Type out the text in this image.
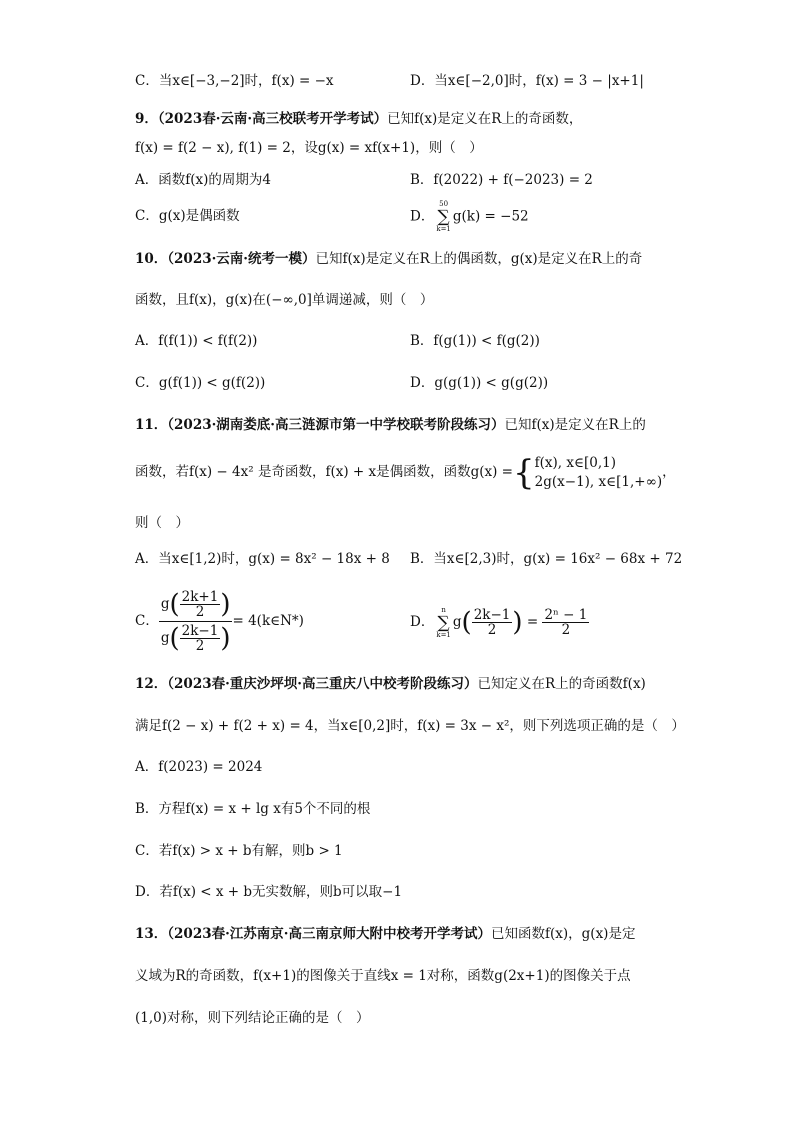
C．当x∈[−3,−2]时，f(x) = −x	D．当x∈[−2,0]时，f(x) = 3 − |x+1|
9．（2023春·云南·高三校联考开学考试）已知f(x)是定义在R上的奇函数，
f(x) = f(2 − x), f(1) = 2，设g(x) = xf(x+1)，则（　）
A．函数f(x)的周期为4	B．f(2022) + f(−2023) = 2
C．g(x)是偶函数	D．
50
∑
k=1
g(k) = −52
10．（2023·云南·统考一模）已知f(x)是定义在R上的偶函数，g(x)是定义在R上的奇
函数，且f(x)，g(x)在(−∞,0]单调递减，则（　）
A．f(f(1)) < f(f(2))	B．f(g(1)) < f(g(2))
C．g(f(1)) < g(f(2))	D．g(g(1)) < g(g(2))
11．（2023·湖南娄底·高三涟源市第一中学校联考阶段练习）已知f(x)是定义在R上的
函数，若f(x) − 4x² 是奇函数，f(x) + x是偶函数，函数g(x) ={ f(x), x∈[0,1)
2g(x−1), x∈[1,+∞)
，
则（　）
A．当x∈[1,2)时，g(x) = 8x² − 18x + 8 B．当x∈[2,3)时，g(x) = 16x² − 68x + 72
C． $\frac{g( \frac{2k+1}{2} )}{g( \frac{2k-1}{2} )}$ = 4(k∈N*)	D．
n
∑
k=1
$g( \frac{2k-1}{2}$ ) = $\frac{\text{2ⁿ − 1}}{2}$
12．（2023春·重庆沙坪坝·高三重庆八中校考阶段练习）已知定义在R上的奇函数f(x)
满足f(2 − x) + f(2 + x) = 4，当x∈[0,2]时，f(x) = 3x − x²，则下列选项正确的是（　）
A．f(2023) = 2024
B．方程f(x) = x + lg x有5个不同的根
C．若f(x) > x + b有解，则b > 1
D．若f(x) < x + b无实数解，则b可以取−1
13．（2023春·江苏南京·高三南京师大附中校考开学考试）已知函数f(x)，g(x)是定
义域为R的奇函数，f(x+1)的图像关于直线x = 1对称，函数g(2x+1)的图像关于点
(1,0)对称，则下列结论正确的是（　）
